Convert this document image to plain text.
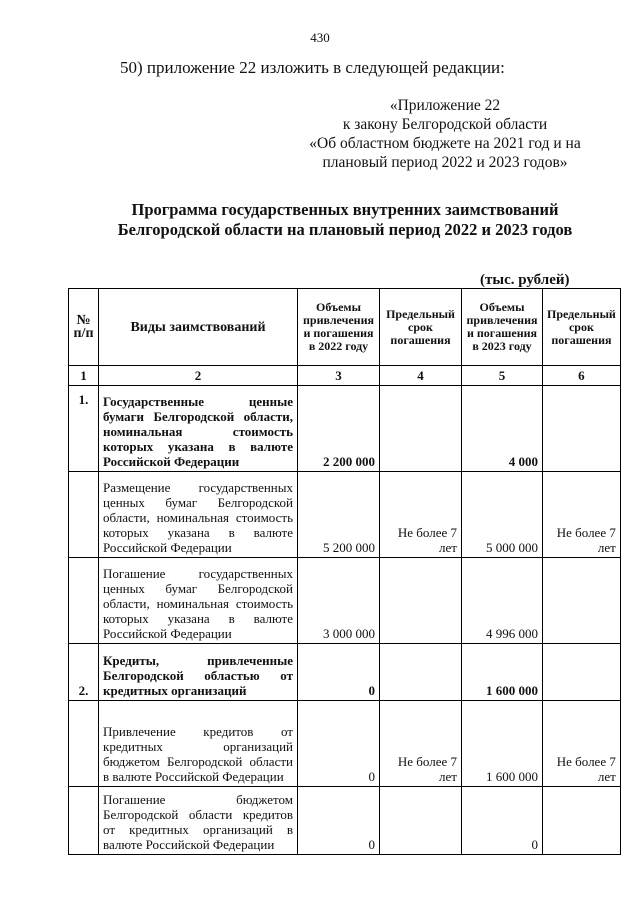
430
50) приложение 22 изложить в следующей редакции:
«Приложение 22
к закону Белгородской области
«Об областном бюджете на 2021 год и на
плановый период 2022 и 2023 годов»
Программа государственных внутренних заимствований
Белгородской области на плановый период 2022 и 2023 годов
(тыс. рублей)
№ п/п	Виды заимствований	Объемы привлечения и погашения в 2022 году	Предельный срок погашения	Объемы привлечения и погашения в 2023 году	Предельный срок погашения
1	2	3	4	5	6
1.	Государственные ценные бумаги Белгородской области, номинальная стоимость которых указана в валюте Российской Федерации	2 200 000		4 000	
	Размещение государственных ценных бумаг Белгородской области, номинальная стоимость которых указана в валюте Российской Федерации	5 200 000	Не более 7 лет	5 000 000	Не более 7 лет
	Погашение государственных ценных бумаг Белгородской области, номинальная стоимость которых указана в валюте Российской Федерации	3 000 000		4 996 000	
2.	Кредиты, привлеченные Белгородской областью от кредитных организаций	0		1 600 000	
	Привлечение кредитов от кредитных организаций бюджетом Белгородской области в валюте Российской Федерации	0	Не более 7 лет	1 600 000	Не более 7 лет
	Погашение бюджетом Белгородской области кредитов от кредитных организаций в валюте Российской Федерации	0		0	
